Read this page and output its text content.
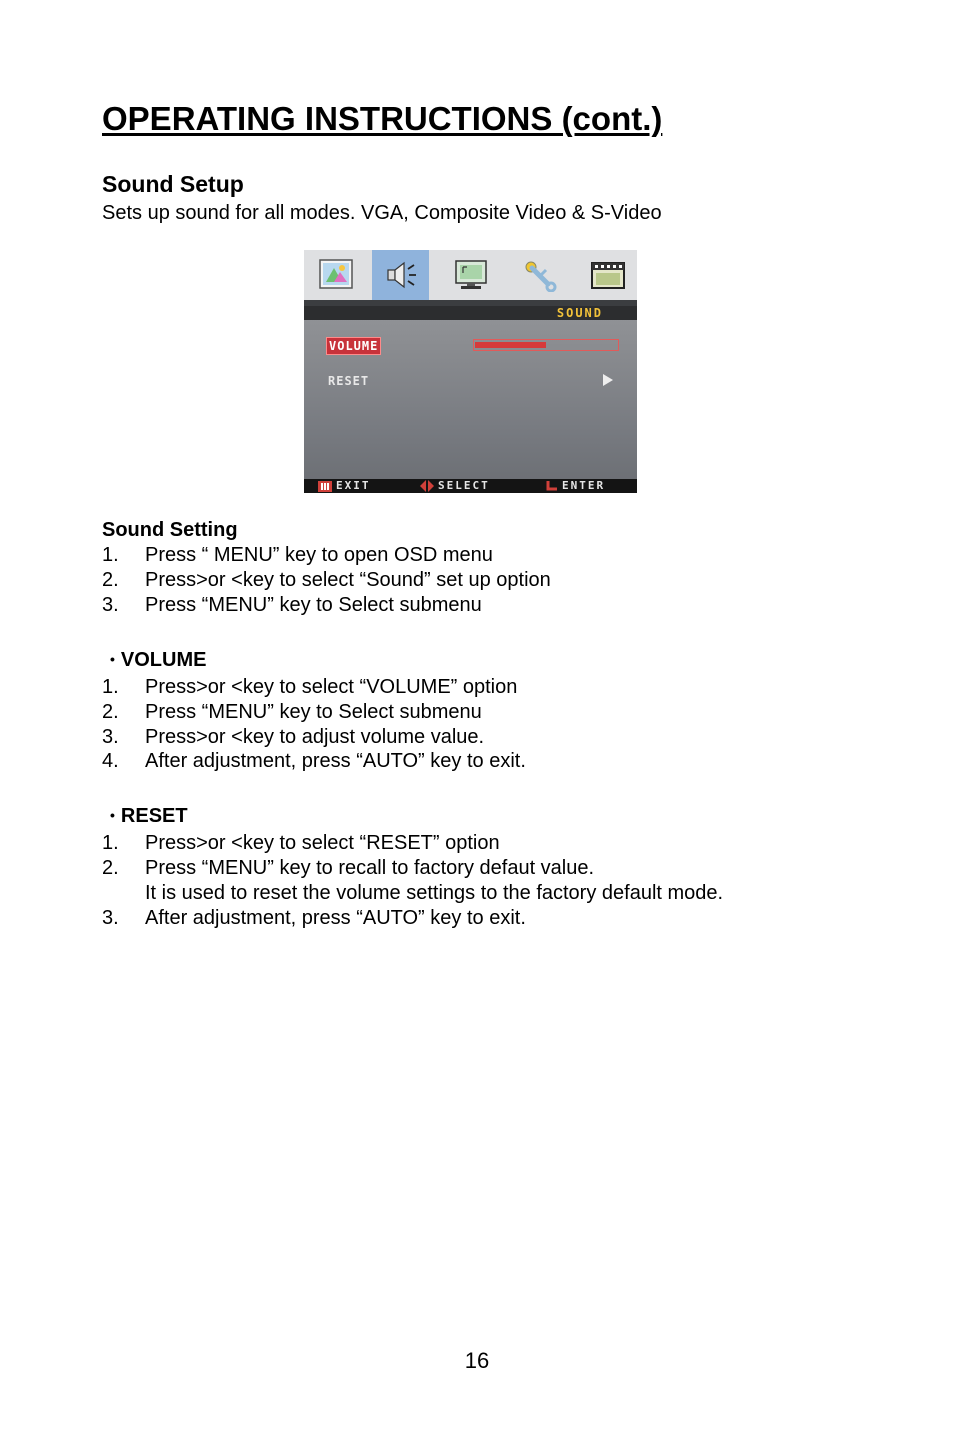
OPERATING INSTRUCTIONS (cont.)
Sound Setup

Sets up sound for all modes. VGA, Composite Video & S-Video

SOUND
VOLUME
RESET
EXIT	SELECT	ENTER
Sound Setting
1. Press “ MENU” key to open OSD menu
2. Press>or <key to select “Sound” set up option
3. Press “MENU” key to Select submenu
• VOLUME
1. Press>or <key to select “VOLUME” option
2. Press “MENU” key to Select submenu
3. Press>or <key to adjust volume value.
4. After adjustment, press “AUTO” key to exit.
• RESET
1. Press>or <key to select “RESET” option
2. Press “MENU” key to recall to factory defaut value.
It is used to reset the volume settings to the factory default mode.
3. After adjustment, press “AUTO” key to exit.
16
